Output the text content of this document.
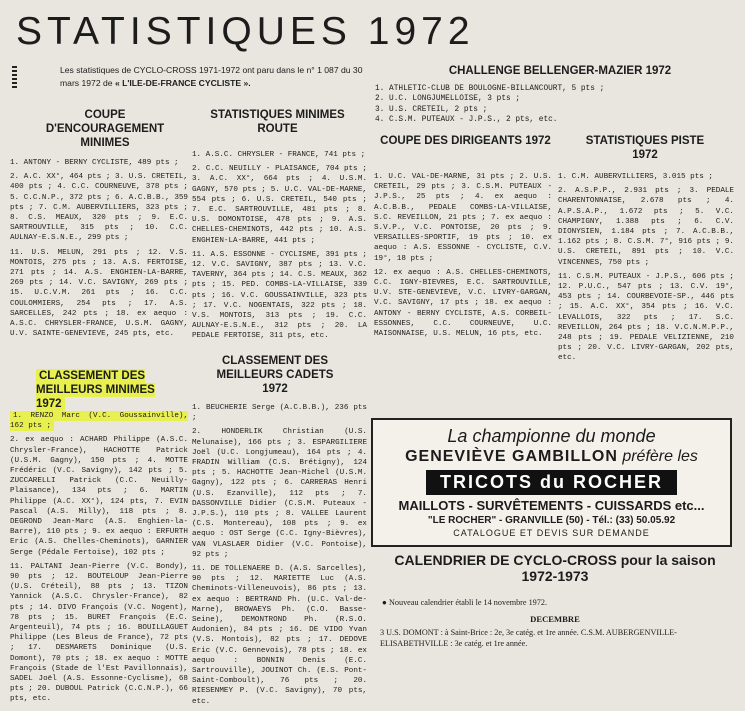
STATISTIQUES 1972
Les statistiques de CYCLO-CROSS 1971-1972 ont paru dans le n° 1 087 du 30 mars 1972 de « L'ILE-DE-FRANCE CYCLISTE ».
COUPE D'ENCOURAGEMENT MINIMES

1. ANTONY - BERNY CYCLISTE, 489 pts ;

2. A.C. XX°, 464 pts ; 3. U.S. CRETEIL, 400 pts ; 4. C.C. COURNEUVE, 378 pts ; 5. C.C.N.P., 372 pts ; 6. A.C.B.B., 359 pts ; 7. C.M. AUBERVILLIERS, 323 pts ; 8. C.S. MEAUX, 320 pts ; 9. E.C. SARTROUVILLE, 315 pts ; 10. C.C. AULNAY-E.S.N.E., 299 pts ;

11. U.S. MELUN, 291 pts ; 12. V.S. MONTOIS, 275 pts ; 13. A.S. FERTOISE, 271 pts ; 14. A.S. ENGHIEN-LA-BARRE, 269 pts ; 14. V.C. SAVIGNY, 269 pts ; 15. U.C.V.M. 261 pts ; 16. C.C. COULOMMIERS, 254 pts ; 17. A.S. SARCELLES, 242 pts ; 18. ex aequo : A.S.C. CHRYSLER-FRANCE, U.S.M. GAGNY, U.V. SAINTE-GENEVIEVE, 245 pts, etc.

CLASSEMENT DES MEILLEURS MINIMES 1972

1. RENZO Marc (V.C. Goussainville), 162 pts ;

2. ex aequo : ACHARD Philippe (A.S.C. Chrysler-France), HACHOTTE Patrick (U.S.M. Gagny), 150 pts ; 4. MOTTE Frédéric (V.C. Savigny), 142 pts ; 5. ZUCCARELLI Patrick (C.C. Neuilly-Plaisance), 134 pts ; 6. MARTIN Philippe (A.C. XX°), 124 pts, 7. EVIN Pascal (A.S. Milly), 118 pts ; 8. DEGROND Jean-Marc (A.S. Enghien-la-Barre), 110 pts ; 9. ex aequo : ERFURTH Eric (A.S. Chelles-Cheminots), GARNIER Serge (Pédale Fertoise), 102 pts ;

11. PALTANI Jean-Pierre (V.C. Bondy), 90 pts ; 12. BOUTELOUP Jean-Pierre (U.S. Créteil), 88 pts ; 13. TIZON Yannick (A.S.C. Chrysler-France), 82 pts ; 14. DIVO François (V.C. Nogent), 78 pts ; 15. BURET François (E.C. Argenteuil), 74 pts ; 16. BOUILLAGUET Philippe (Les Bleus de France), 72 pts ; 17. DESMARETS Dominique (U.S. Domont), 70 pts ; 18. ex aequo : MOTTE François (Stade de l'Est Pavillonnais), SADEL Joël (A.S. Essonne-Cyclisme), 68 pts ; 20. DUBOUL Patrick (C.C.N.P.), 66 pts, etc.

STATISTIQUES MINIMES ROUTE

1. A.S.C. CHRYSLER - FRANCE, 741 pts ;

2. C.C. NEUILLY - PLAISANCE, 704 pts ; 3. A.C. XX°, 664 pts ; 4. U.S.M. GAGNY, 570 pts ; 5. U.C. VAL-DE-MARNE, 554 pts ; 6. U.S. CRETEIL, 540 pts ; 7. E.C. SARTROUVILLE, 481 pts ; 8. U.S. DOMONTOISE, 478 pts ; 9. A.S. CHELLES-CHEMINOTS, 442 pts ; 10. A.S. ENGHIEN-LA-BARRE, 441 pts ;

11. A.S. ESSONNE - CYCLISME, 391 pts ; 12. V.C. SAVIGNY, 387 pts ; 13. V.C. TAVERNY, 364 pts ; 14. C.S. MEAUX, 362 pts ; 15. PED. COMBS-LA-VILLAISE, 339 pts ; 16. V.C. GOUSSAINVILLE, 323 pts ; 17. V.C. NOGENTAIS, 322 pts ; 18. V.S. MONTOIS, 313 pts ; 19. C.C. AULNAY-E.S.N.E., 312 pts ; 20. LA PEDALE FERTOISE, 311 pts, etc.

CLASSEMENT DES MEILLEURS CADETS 1972

1. BEUCHERIE Serge (A.C.B.B.), 236 pts ;

2. HONDERLIK Christian (U.S. Melunaise), 166 pts ; 3. ESPARGILIERE Joël (U.C. Longjumeau), 164 pts ; 4. FRADIN William (C.S. Brétigny), 124 pts ; 5. HACHOTTE Jean-Michel (U.S.M. Gagny), 122 pts ; 6. CARRERAS Henri (U.S. Ezanville), 112 pts ; 7. DASSONVILLE Didier (C.S.M. Puteaux - J.P.S.), 110 pts ; 8. VALLEE Laurent (C.S. Montereau), 108 pts ; 9. ex aequo : OST Serge (C.C. Igny-Bièvres), VAN VLASLAER Didier (V.C. Pontoise), 92 pts ;

11. DE TOLLENAERE D. (A.S. Sarcelles), 90 pts ; 12. MARIETTE Luc (A.S. Cheminots-Villeneuvois), 86 pts ; 13. ex aequo : BERTRAND Ph. (U.C. Val-de-Marne), BROWAEYS Ph. (C.O. Basse-Seine), DEMONTROND Ph. (R.S.O. Audonien), 84 pts ; 16. DE VIDO Yvan (V.S. Montois), 82 pts ; 17. DEDOVE Eric (V.C. Gennevois), 78 pts ; 18. ex aequo : BONNIN Denis (E.C. Sartrouville), JOUINOT Ch. (E.S. Pont-Saint-Comboult), 76 pts ; 20. RIESENMEY P. (V.C. Savigny), 70 pts, etc.

CHALLENGE BELLENGER-MAZIER 1972
1. ATHLETIC-CLUB DE BOULOGNE-BILLANCOURT, 5 pts ;
2. U.C. LONGJUMELLOISE, 3 pts ;
3. U.S. CRETEIL, 2 pts ;
4. C.S.M. PUTEAUX - J.P.S., 2 pts, etc.
COUPE DES DIRIGEANTS 1972

1. U.C. VAL-DE-MARNE, 31 pts ; 2. U.S. CRETEIL, 29 pts ; 3. C.S.M. PUTEAUX - J.P.S., 25 pts ; 4. ex aequo : A.C.B.B., PEDALE COMBS-LA-VILLAISE, S.C. REVEILLON, 21 pts ; 7. ex aequo : S.V.P., V.C. PONTOISE, 20 pts ; 9. VERSAILLES-SPORTIF, 19 pts ; 10. ex aequo : A.S. ESSONNE - CYCLISTE, C.V. 19°, 18 pts ;

12. ex aequo : A.S. CHELLES-CHEMINOTS, C.C. IGNY-BIEVRES, E.C. SARTROUVILLE, U.V. STE-GENEVIEVE, V.C. LIVRY-GARGAN, V.C. SAVIGNY, 17 pts ; 18. ex aequo : ANTONY - BERNY CYCLISTE, A.S. CORBEIL-ESSONNES, C.C. COURNEUVE, U.C. MAISONNAISE, U.S. MELUN, 16 pts, etc.

STATISTIQUES PISTE 1972

1. C.M. AUBERVILLIERS, 3.015 pts ;

2. A.S.P.P., 2.931 pts ; 3. PEDALE CHARENTONNAISE, 2.678 pts ; 4. A.P.S.A.P., 1.672 pts ; 5. V.C. CHAMPIGNY, 1.388 pts ; 6. C.V. DIONYSIEN, 1.184 pts ; 7. A.C.B.B., 1.162 pts ; 8. C.S.M. 7°, 916 pts ; 9. U.S. CRETEIL, 891 pts ; 10. V.C. VINCENNES, 750 pts ;

11. C.S.M. PUTEAUX - J.P.S., 606 pts ; 12. P.U.C., 547 pts ; 13. C.V. 19°, 453 pts ; 14. COURBEVOIE-SP., 446 pts ; 15. A.C. XX°, 354 pts ; 16. V.C. LEVALLOIS, 322 pts ; 17. S.C. REVEILLON, 264 pts ; 18. V.C.N.M.P.P., 248 pts ; 19. PEDALE VELIZIENNE, 210 pts ; 20. V.C. LIVRY-GARGAN, 202 pts, etc.

La championne du monde
GENEVIÈVE GAMBILLON préfère les
TRICOTS du ROCHER
MAILLOTS - SURVÊTEMENTS - CUISSARDS etc...
"LE ROCHER" - GRANVILLE (50) - Tél.: (33) 50.05.92
CATALOGUE ET DEVIS SUR DEMANDE
CALENDRIER DE CYCLO-CROSS pour la saison 1972-1973
● Nouveau calendrier établi le 14 novembre 1972.
DECEMBRE
3 U.S. DOMONT : à Saint-Brice : 2e, 3e catég. et 1re année. C.S.M. AUBERGENVILLE-ELISABETHVILLE : 3e catég. et 1re année.
